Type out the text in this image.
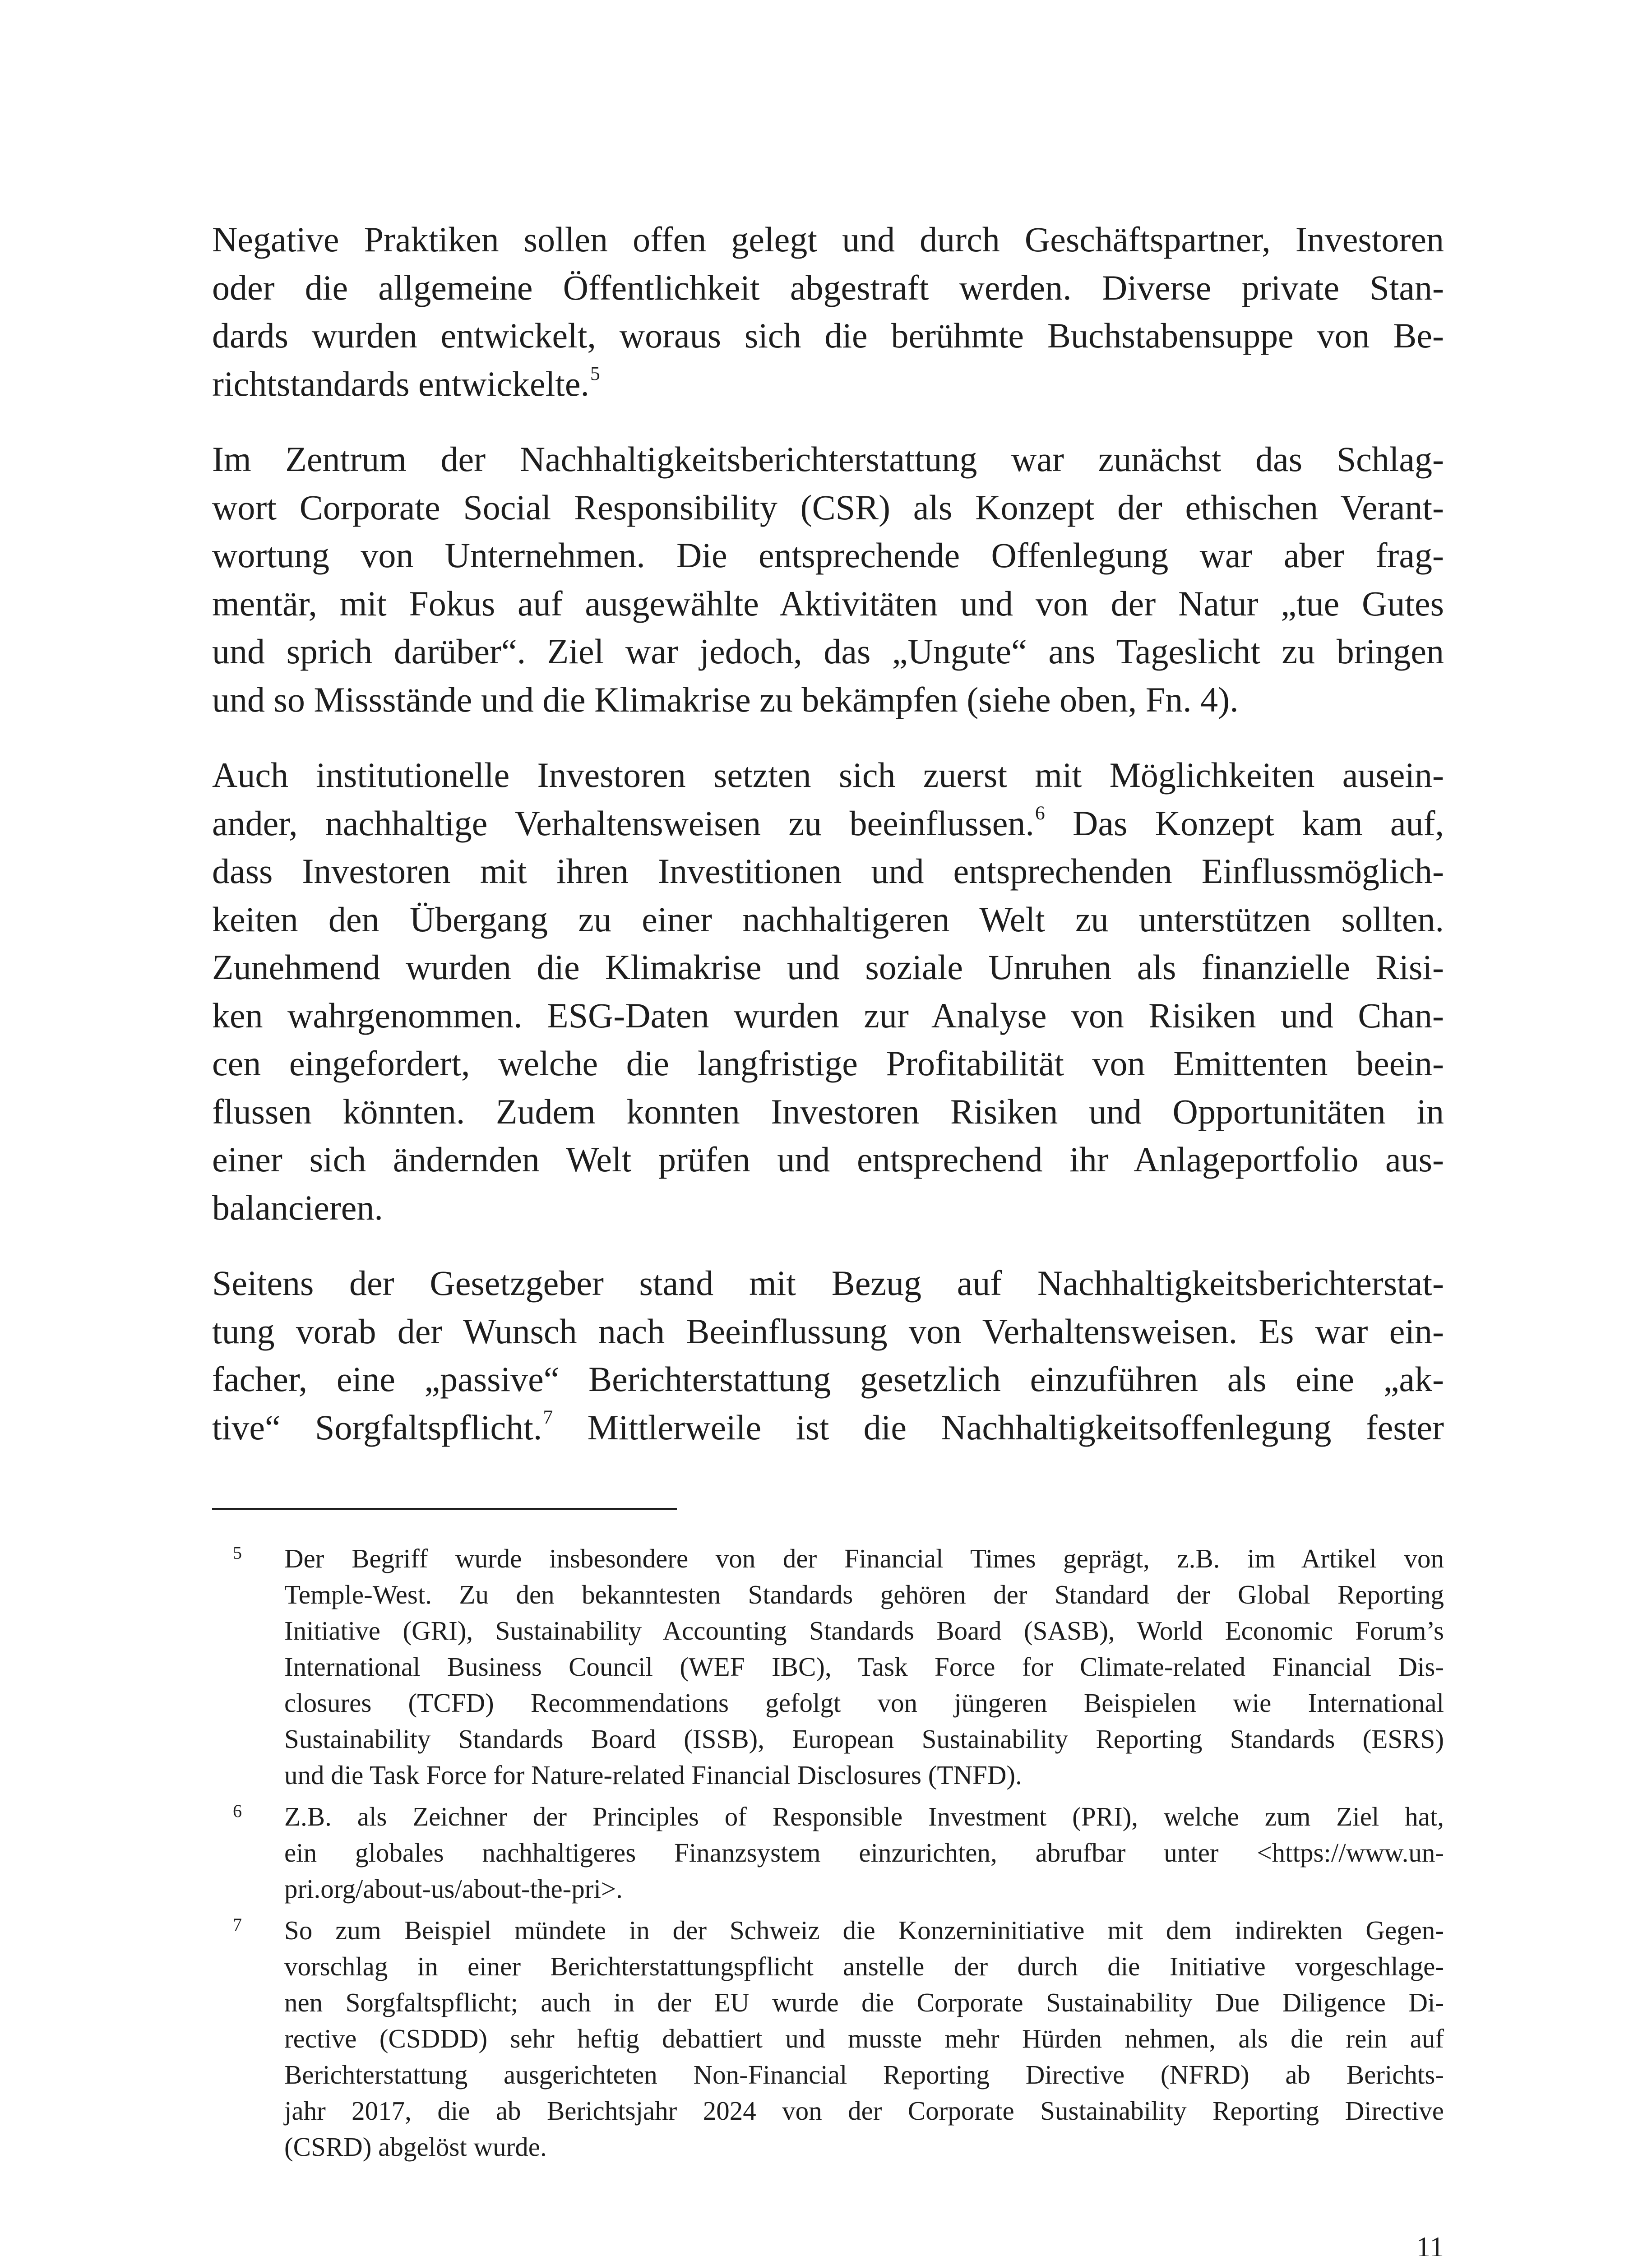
Negative Praktiken sollen offen gelegt und durch Geschäftspartner, Investoren
oder die allgemeine Öffentlichkeit abgestraft werden. Diverse private Stan-
dards wurden entwickelt, woraus sich die berühmte Buchstabensuppe von Be-
richtstandards entwickelte.$^5$
Im Zentrum der Nachhaltigkeitsberichterstattung war zunächst das Schlag-
wort Corporate Social Responsibility (CSR) als Konzept der ethischen Verant-
wortung von Unternehmen. Die entsprechende Offenlegung war aber frag-
mentär, mit Fokus auf ausgewählte Aktivitäten und von der Natur „tue Gutes
und sprich darüber“. Ziel war jedoch, das „Ungute“ ans Tageslicht zu bringen
und so Missstände und die Klimakrise zu bekämpfen (siehe oben, Fn. 4).
Auch institutionelle Investoren setzten sich zuerst mit Möglichkeiten ausein-
ander, nachhaltige Verhaltensweisen zu beeinflussen.$^6$ Das Konzept kam auf,
dass Investoren mit ihren Investitionen und entsprechenden Einflussmöglich-
keiten den Übergang zu einer nachhaltigeren Welt zu unterstützen sollten.
Zunehmend wurden die Klimakrise und soziale Unruhen als finanzielle Risi-
ken wahrgenommen. ESG-Daten wurden zur Analyse von Risiken und Chan-
cen eingefordert, welche die langfristige Profitabilität von Emittenten beein-
flussen könnten. Zudem konnten Investoren Risiken und Opportunitäten in
einer sich ändernden Welt prüfen und entsprechend ihr Anlageportfolio aus-
balancieren.
Seitens der Gesetzgeber stand mit Bezug auf Nachhaltigkeitsberichterstat-
tung vorab der Wunsch nach Beeinflussung von Verhaltensweisen. Es war ein-
facher, eine „passive“ Berichterstattung gesetzlich einzuführen als eine „ak-
tive“ Sorgfaltspflicht.$^7$ Mittlerweile ist die Nachhaltigkeitsoffenlegung fester
5 Der Begriff wurde insbesondere von der Financial Times geprägt, z.B. im Artikel von
Temple-West. Zu den bekanntesten Standards gehören der Standard der Global Reporting
Initiative (GRI), Sustainability Accounting Standards Board (SASB), World Economic Forum’s
International Business Council (WEF IBC), Task Force for Climate-related Financial Dis-
closures (TCFD) Recommendations gefolgt von jüngeren Beispielen wie International
Sustainability Standards Board (ISSB), European Sustainability Reporting Standards (ESRS)
und die Task Force for Nature-related Financial Disclosures (TNFD).
6 Z.B. als Zeichner der Principles of Responsible Investment (PRI), welche zum Ziel hat,
ein globales nachhaltigeres Finanzsystem einzurichten, abrufbar unter <https://www.un-
pri.org/about-us/about-the-pri>.
7 So zum Beispiel mündete in der Schweiz die Konzerninitiative mit dem indirekten Gegen-
vorschlag in einer Berichterstattungspflicht anstelle der durch die Initiative vorgeschlage-
nen Sorgfaltspflicht; auch in der EU wurde die Corporate Sustainability Due Diligence Di-
rective (CSDDD) sehr heftig debattiert und musste mehr Hürden nehmen, als die rein auf
Berichterstattung ausgerichteten Non-Financial Reporting Directive (NFRD) ab Berichts-
jahr 2017, die ab Berichtsjahr 2024 von der Corporate Sustainability Reporting Directive
(CSRD) abgelöst wurde.
11
